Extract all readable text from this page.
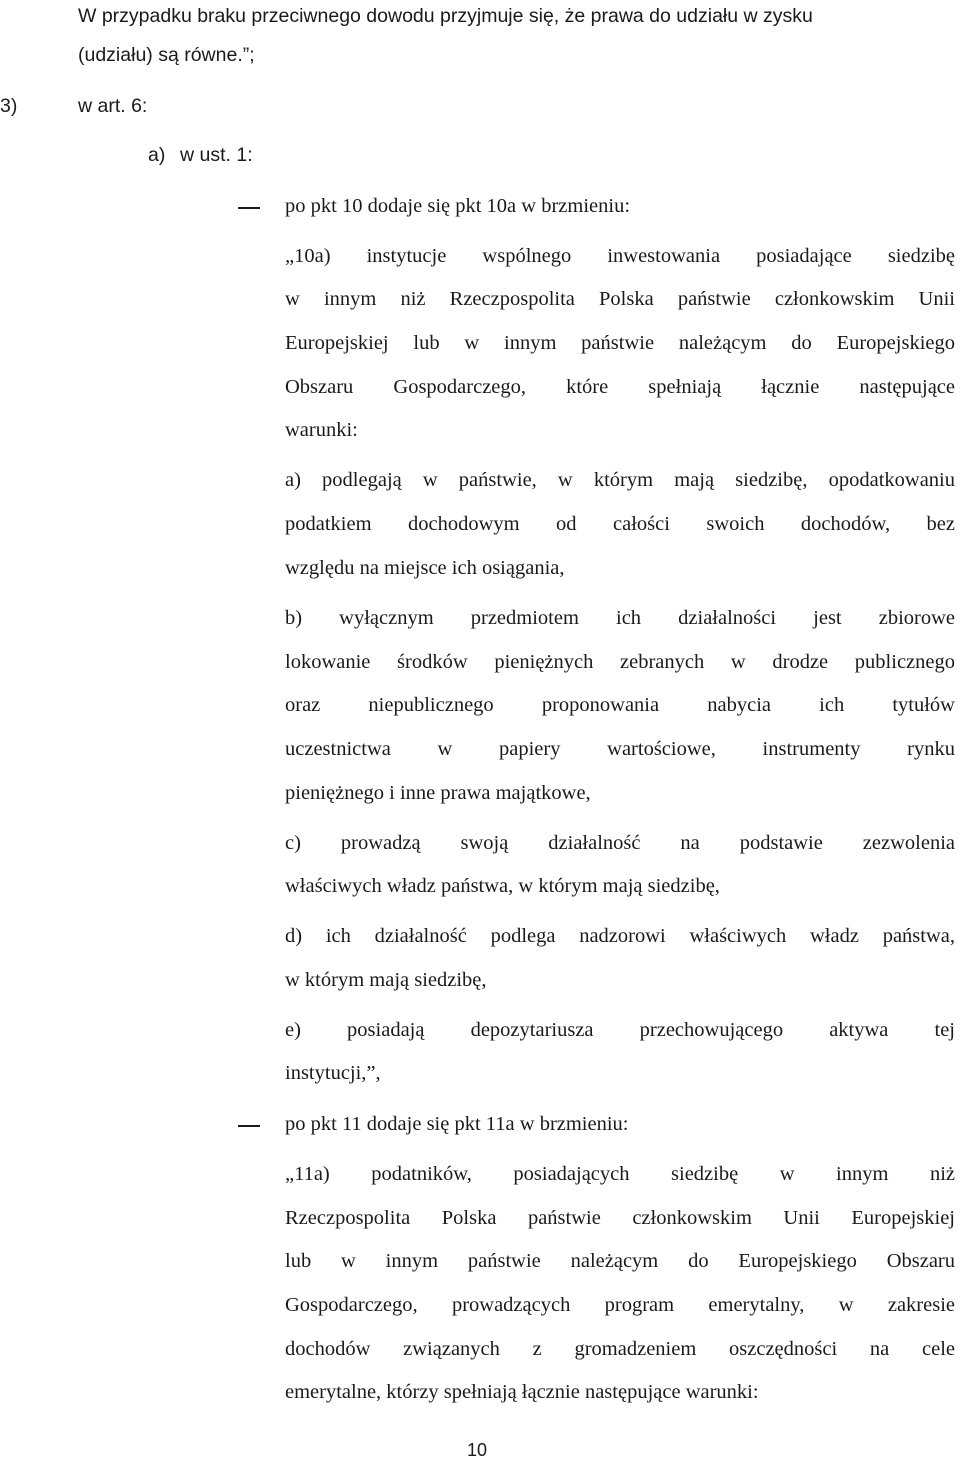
W przypadku braku przeciwnego dowodu przyjmuje się, że prawa do udziału w zysku
(udziału) są równe.”;
3)	w art. 6:
a) w ust. 1:
po pkt 10 dodaje się pkt 10a w brzmieniu:
„10a) instytucje wspólnego inwestowania posiadające siedzibę
w innym niż Rzeczpospolita Polska państwie członkowskim Unii
Europejskiej lub w innym państwie należącym do Europejskiego
Obszaru Gospodarczego, które spełniają łącznie następujące
warunki:
a) podlegają w państwie, w którym mają siedzibę, opodatkowaniu
podatkiem dochodowym od całości swoich dochodów, bez
względu na miejsce ich osiągania,
b) wyłącznym przedmiotem ich działalności jest zbiorowe
lokowanie środków pieniężnych zebranych w drodze publicznego
oraz niepublicznego proponowania nabycia ich tytułów
uczestnictwa w papiery wartościowe, instrumenty rynku
pieniężnego i inne prawa majątkowe,
c) prowadzą swoją działalność na podstawie zezwolenia
właściwych władz państwa, w którym mają siedzibę,
d) ich działalność podlega nadzorowi właściwych władz państwa,
w którym mają siedzibę,
e) posiadają depozytariusza przechowującego aktywa tej
instytucji,”,
po pkt 11 dodaje się pkt 11a w brzmieniu:
„11a) podatników, posiadających siedzibę w innym niż
Rzeczpospolita Polska państwie członkowskim Unii Europejskiej
lub w innym państwie należącym do Europejskiego Obszaru
Gospodarczego, prowadzących program emerytalny, w zakresie
dochodów związanych z gromadzeniem oszczędności na cele
emerytalne, którzy spełniają łącznie następujące warunki:
10
